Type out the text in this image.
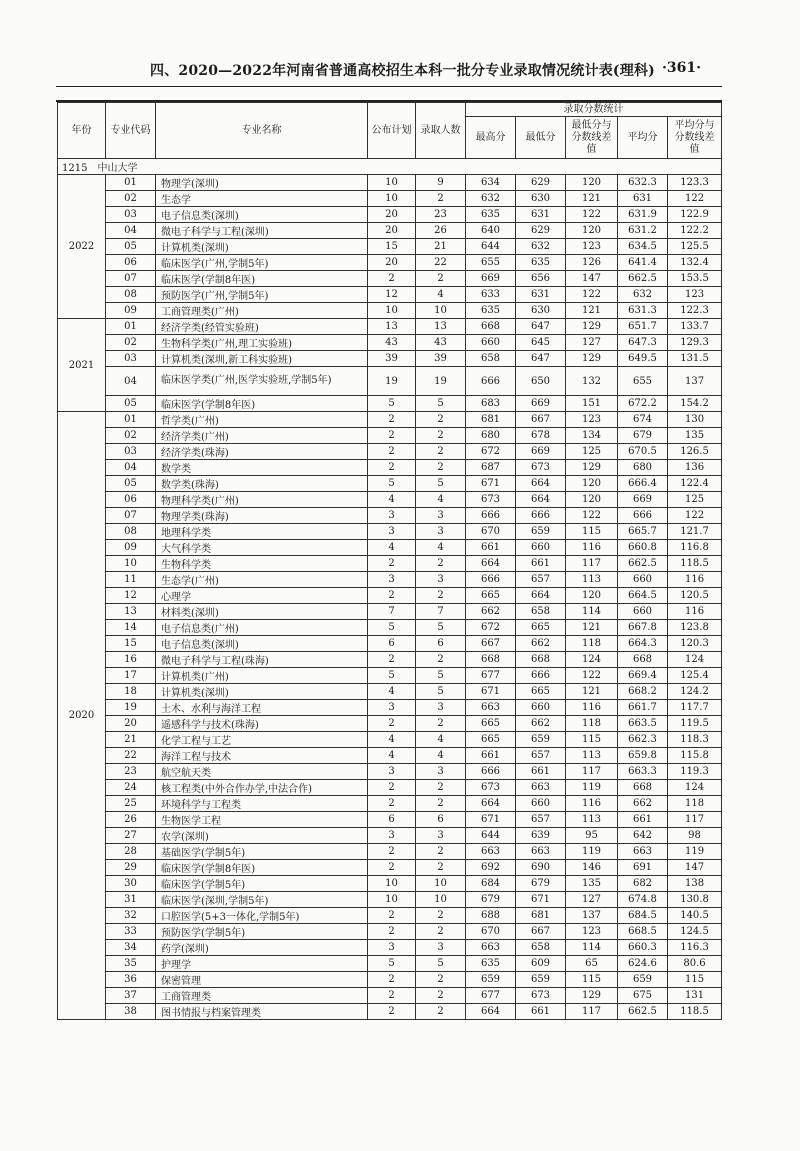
四、2020—2022年河南省普通高校招生本科一批分专业录取情况统计表(理科) ·361·
年份	专业代码	专业名称	公布计划	录取人数	录取分数统计				
					最高分	最低分	最低分与分数线差值	平均分	平均分与分数线差值
1215　中山大学									
2022	01	物理学(深圳)	10	9	634	629	120	632.3	123.3
	02	生态学	10	2	632	630	121	631	122
	03	电子信息类(深圳)	20	23	635	631	122	631.9	122.9
	04	微电子科学与工程(深圳)	20	26	640	629	120	631.2	122.2
	05	计算机类(深圳)	15	21	644	632	123	634.5	125.5
	06	临床医学(广州,学制5年)	20	22	655	635	126	641.4	132.4
	07	临床医学(学制8年医)	2	2	669	656	147	662.5	153.5
	08	预防医学(广州,学制5年)	12	4	633	631	122	632	123
	09	工商管理类(广州)	10	10	635	630	121	631.3	122.3
2021	01	经济学类(经管实验班)	13	13	668	647	129	651.7	133.7
	02	生物科学类(广州,理工实验班)	43	43	660	645	127	647.3	129.3
	03	计算机类(深圳,新工科实验班)	39	39	658	647	129	649.5	131.5
	04	临床医学类(广州,医学实验班,学制5年)	19	19	666	650	132	655	137
	05	临床医学(学制8年医)	5	5	683	669	151	672.2	154.2
2020	01	哲学类(广州)	2	2	681	667	123	674	130
	02	经济学类(广州)	2	2	680	678	134	679	135
	03	经济学类(珠海)	2	2	672	669	125	670.5	126.5
	04	数学类	2	2	687	673	129	680	136
	05	数学类(珠海)	5	5	671	664	120	666.4	122.4
	06	物理科学类(广州)	4	4	673	664	120	669	125
	07	物理学类(珠海)	3	3	666	666	122	666	122
	08	地理科学类	3	3	670	659	115	665.7	121.7
	09	大气科学类	4	4	661	660	116	660.8	116.8
	10	生物科学类	2	2	664	661	117	662.5	118.5
	11	生态学(广州)	3	3	666	657	113	660	116
	12	心理学	2	2	665	664	120	664.5	120.5
	13	材料类(深圳)	7	7	662	658	114	660	116
	14	电子信息类(广州)	5	5	672	665	121	667.8	123.8
	15	电子信息类(深圳)	6	6	667	662	118	664.3	120.3
	16	微电子科学与工程(珠海)	2	2	668	668	124	668	124
	17	计算机类(广州)	5	5	677	666	122	669.4	125.4
	18	计算机类(深圳)	4	5	671	665	121	668.2	124.2
	19	土木、水利与海洋工程	3	3	663	660	116	661.7	117.7
	20	遥感科学与技术(珠海)	2	2	665	662	118	663.5	119.5
	21	化学工程与工艺	4	4	665	659	115	662.3	118.3
	22	海洋工程与技术	4	4	661	657	113	659.8	115.8
	23	航空航天类	3	3	666	661	117	663.3	119.3
	24	核工程类(中外合作办学,中法合作)	2	2	673	663	119	668	124
	25	环境科学与工程类	2	2	664	660	116	662	118
	26	生物医学工程	6	6	671	657	113	661	117
	27	农学(深圳)	3	3	644	639	95	642	98
	28	基础医学(学制5年)	2	2	663	663	119	663	119
	29	临床医学(学制8年医)	2	2	692	690	146	691	147
	30	临床医学(学制5年)	10	10	684	679	135	682	138
	31	临床医学(深圳,学制5年)	10	10	679	671	127	674.8	130.8
	32	口腔医学(5+3一体化,学制5年)	2	2	688	681	137	684.5	140.5
	33	预防医学(学制5年)	2	2	670	667	123	668.5	124.5
	34	药学(深圳)	3	3	663	658	114	660.3	116.3
	35	护理学	5	5	635	609	65	624.6	80.6
	36	保密管理	2	2	659	659	115	659	115
	37	工商管理类	2	2	677	673	129	675	131
	38	图书情报与档案管理类	2	2	664	661	117	662.5	118.5
